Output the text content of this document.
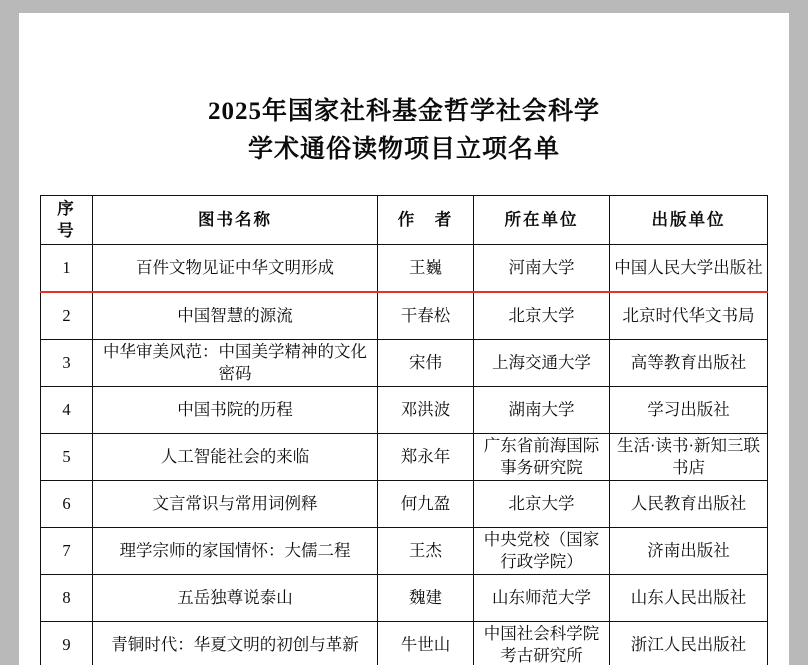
2025年国家社科基金哲学社会科学
学术通俗读物项目立项名单
序　号	图书名称	作　者	所在单位	出版单位
1	百件文物见证中华文明形成	王巍	河南大学	中国人民大学出版社
2	中国智慧的源流	干春松	北京大学	北京时代华文书局
3	中华审美风范：中国美学精神的文化密码	宋伟	上海交通大学	高等教育出版社
4	中国书院的历程	邓洪波	湖南大学	学习出版社
5	人工智能社会的来临	郑永年	广东省前海国际事务研究院	生活·读书·新知三联书店
6	文言常识与常用词例释	何九盈	北京大学	人民教育出版社
7	理学宗师的家国情怀：大儒二程	王杰	中央党校（国家行政学院）	济南出版社
8	五岳独尊说泰山	魏建	山东师范大学	山东人民出版社
9	青铜时代：华夏文明的初创与革新	牛世山	中国社会科学院考古研究所	浙江人民出版社
